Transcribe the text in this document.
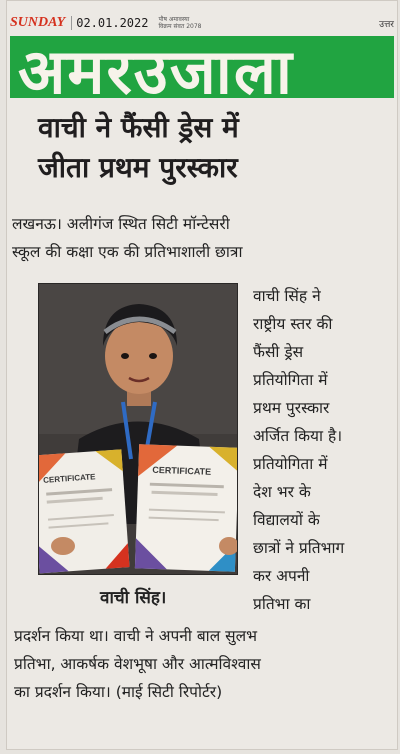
SUNDAY 02.01.2022 पौष अमावस्या
विक्रम संवत 2078	उत्तर
अमरउजाला
वाची ने फैंसी ड्रेस में
जीता प्रथम पुरस्कार
लखनऊ। अलीगंज स्थित सिटी मॉन्टेसरी
स्कूल की कक्षा एक की प्रतिभाशाली छात्रा
CERTIFICATE
CERTIFICATE
वाची सिंह ने
राष्ट्रीय स्तर की
फैंसी ड्रेस
प्रतियोगिता में
प्रथम पुरस्कार
अर्जित किया है।
प्रतियोगिता में
देश भर के
विद्यालयों के
छात्रों ने प्रतिभाग
कर अपनी
प्रतिभा का
वाची सिंह।
प्रदर्शन किया था। वाची ने अपनी बाल सुलभ
प्रतिभा, आकर्षक वेशभूषा और आत्मविश्वास
का प्रदर्शन किया। (माई सिटी रिपोर्टर)
